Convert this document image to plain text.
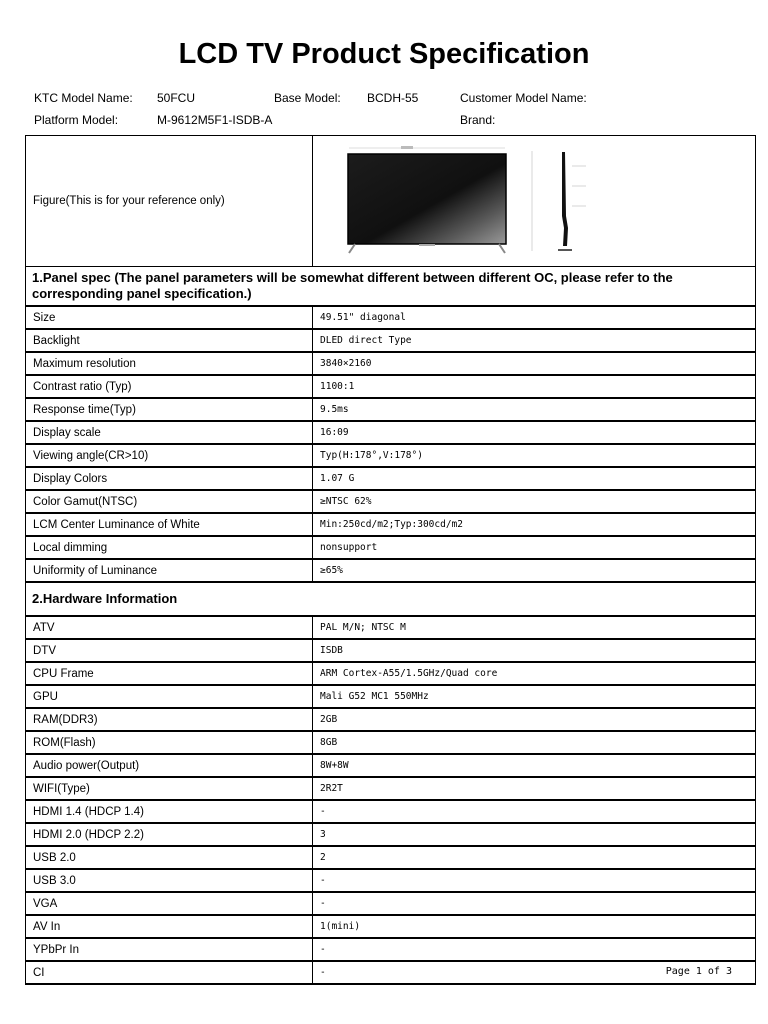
LCD TV Product Specification
KTC Model Name: 50FCU	Base Model: BCDH-55	Customer Model Name:
Platform Model:	M-9612M5F1-ISDB-A	Brand:
Figure(This is for your reference only)	

1.Panel spec (The panel parameters will be somewhat different between different OC, please refer to the corresponding panel specification.)	
Size	49.51" diagonal
Backlight	DLED direct Type
Maximum resolution	3840×2160
Contrast ratio (Typ)	1100:1
Response time(Typ)	9.5ms
Display scale	16:09
Viewing angle(CR>10)	Typ(H:178°,V:178°)
Display Colors	1.07 G
Color Gamut(NTSC)	≥NTSC 62%
LCM Center Luminance of White	Min:250cd/m2;Typ:300cd/m2
Local dimming	nonsupport
Uniformity of Luminance	≥65%
2.Hardware Information	
ATV	PAL M/N; NTSC M
DTV	ISDB
CPU Frame	ARM Cortex-A55/1.5GHz/Quad core
GPU	Mali G52 MC1 550MHz
RAM(DDR3)	2GB
ROM(Flash)	8GB
Audio power(Output)	8W+8W
WIFI(Type)	2R2T
HDMI 1.4 (HDCP 1.4)	-
HDMI 2.0 (HDCP 2.2)	3
USB 2.0	2
USB 3.0	-
VGA	-
AV In	1(mini)
YPbPr In	-
CI	-	Page 1 of 3
